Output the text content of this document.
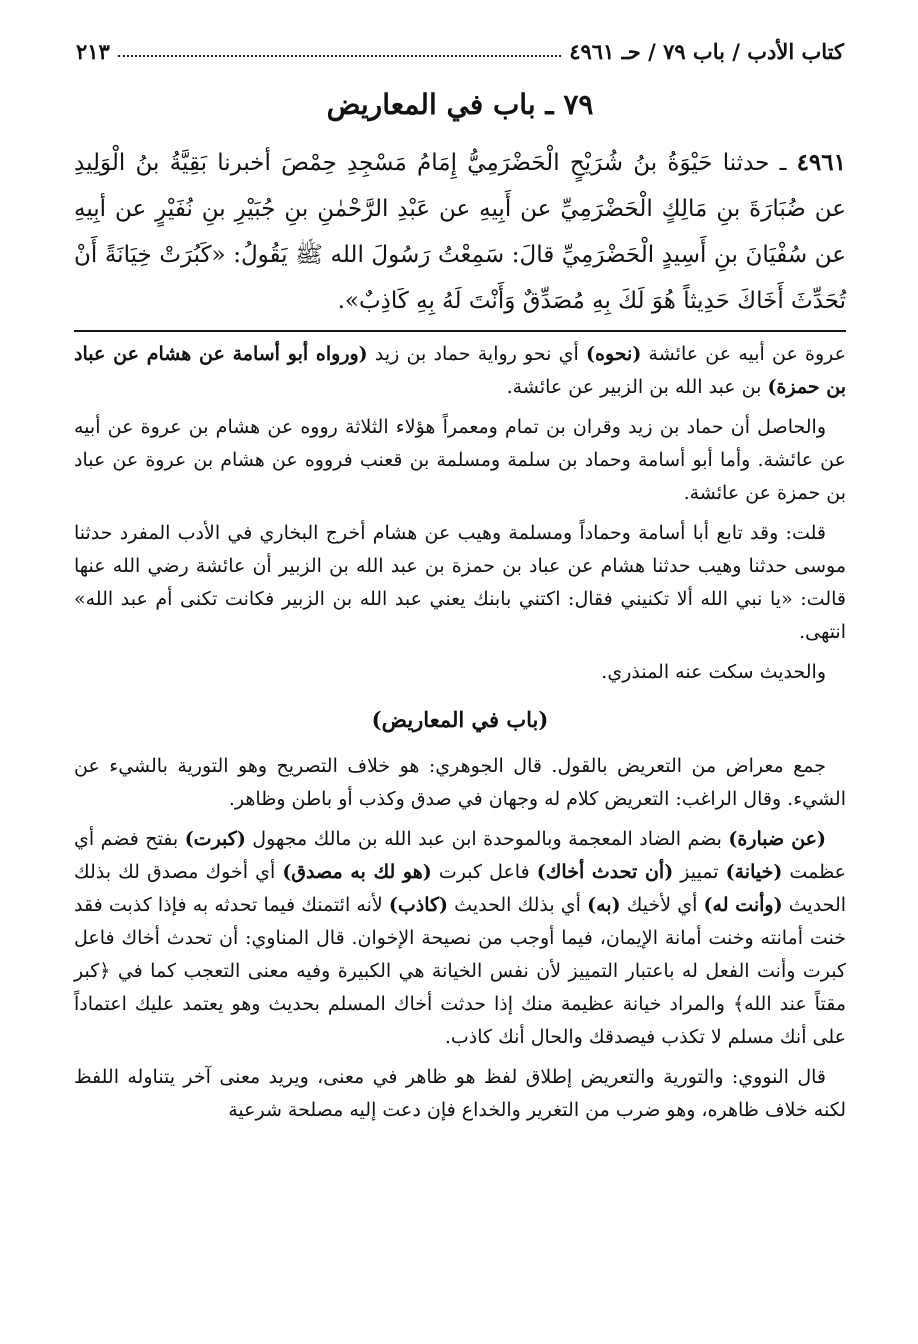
كتاب الأدب / باب ٧٩ / حـ ٤٩٦١
٢١٣
٧٩ ـ باب في المعاريض
٤٩٦١ ـ حدثنا حَيْوَةُ بنُ شُرَيْحٍ الْحَضْرَمِيُّ إِمَامُ مَسْجِدِ حِمْصَ أخبرنا بَقِيَّةُ بنُ الْوَلِيدِ عن ضُبَارَةَ بنِ مَالِكٍ الْحَضْرَمِيِّ عن أَبِيهِ عن عَبْدِ الرَّحْمٰنِ بنِ جُبَيْرِ بنِ نُفَيْرٍ عن أبِيهِ عن سُفْيَانَ بنِ أَسِيدٍ الْحَضْرَمِيِّ قالَ: سَمِعْتُ رَسُولَ الله ﷺ يَقُولُ: «كَبُرَتْ خِيَانَةً أَنْ تُحَدِّثَ أَخَاكَ حَدِيثاً هُوَ لَكَ بِهِ مُصَدِّقٌ وَأَنْتَ لَهُ بِهِ كَاذِبٌ».

عروة عن أبيه عن عائشة (نحوه) أي نحو رواية حماد بن زيد (ورواه أبو أسامة عن هشام عن عباد بن حمزة) بن عبد الله بن الزبير عن عائشة.

والحاصل أن حماد بن زيد وقران بن تمام ومعمراً هؤلاء الثلاثة رووه عن هشام بن عروة عن أبيه عن عائشة. وأما أبو أسامة وحماد بن سلمة ومسلمة بن قعنب فرووه عن هشام بن عروة عن عباد بن حمزة عن عائشة.

قلت: وقد تابع أبا أسامة وحماداً ومسلمة وهيب عن هشام أخرج البخاري في الأدب المفرد حدثنا موسى حدثنا وهيب حدثنا هشام عن عباد بن حمزة بن عبد الله بن الزبير أن عائشة رضي الله عنها قالت: «يا نبي الله ألا تكنيني فقال: اكتني بابنك يعني عبد الله بن الزبير فكانت تكنى أم عبد الله» انتهى.

والحديث سكت عنه المنذري.

(باب في المعاريض)

جمع معراض من التعريض بالقول. قال الجوهري: هو خلاف التصريح وهو التورية بالشيء عن الشيء. وقال الراغب: التعريض كلام له وجهان في صدق وكذب أو باطن وظاهر.

(عن ضبارة) بضم الضاد المعجمة وبالموحدة ابن عبد الله بن مالك مجهول (كبرت) بفتح فضم أي عظمت (خيانة) تمييز (أن تحدث أخاك) فاعل كبرت (هو لك به مصدق) أي أخوك مصدق لك بذلك الحديث (وأنت له) أي لأخيك (به) أي بذلك الحديث (كاذب) لأنه ائتمنك فيما تحدثه به فإذا كذبت فقد خنت أمانته وخنت أمانة الإيمان، فيما أوجب من نصيحة الإخوان. قال المناوي: أن تحدث أخاك فاعل كبرت وأنت الفعل له باعتبار التمييز لأن نفس الخيانة هي الكبيرة وفيه معنى التعجب كما في ﴿كبر مقتاً عند الله﴾ والمراد خيانة عظيمة منك إذا حدثت أخاك المسلم بحديث وهو يعتمد عليك اعتماداً على أنك مسلم لا تكذب فيصدقك والحال أنك كاذب.

قال النووي: والتورية والتعريض إطلاق لفظ هو ظاهر في معنى، ويريد معنى آخر يتناوله اللفظ لكنه خلاف ظاهره، وهو ضرب من التغرير والخداع فإن دعت إليه مصلحة شرعية
